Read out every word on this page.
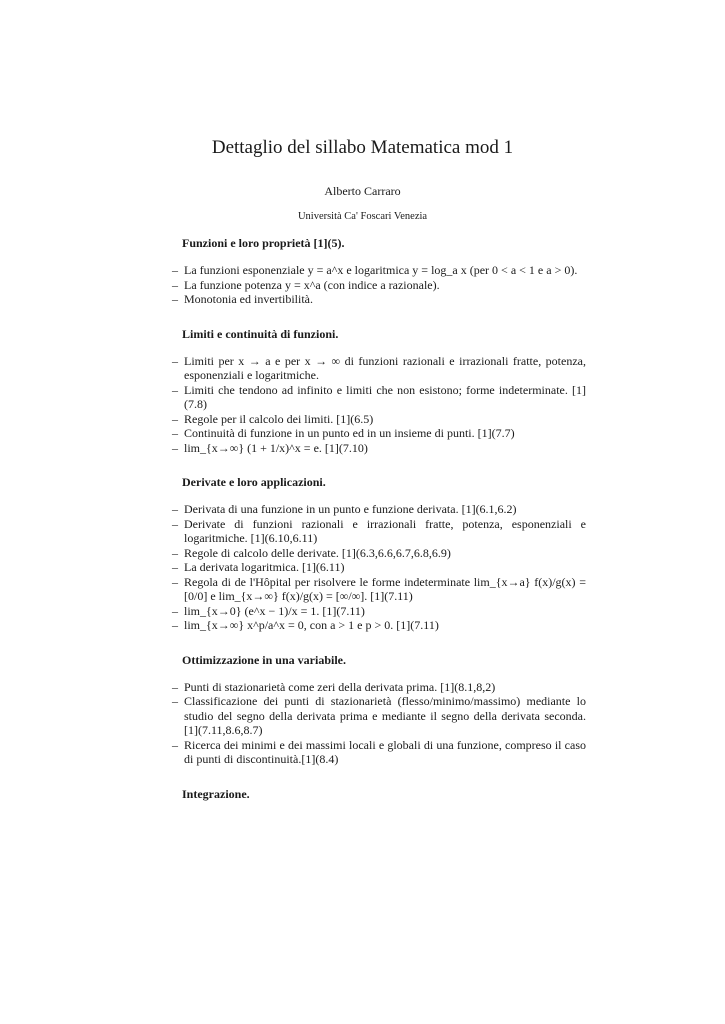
Dettaglio del sillabo Matematica mod 1
Alberto Carraro
Università Ca' Foscari Venezia
Funzioni e loro proprietà [1](5).
– La funzioni esponenziale y = a^x e logaritmica y = log_a x (per 0 < a < 1 e a > 0).
– La funzione potenza y = x^a (con indice a razionale).
– Monotonia ed invertibilità.
Limiti e continuità di funzioni.
– Limiti per x → a e per x → ∞ di funzioni razionali e irrazionali fratte, potenza, esponenziali e logaritmiche.
– Limiti che tendono ad infinito e limiti che non esistono; forme indeterminate. [1](7.8)
– Regole per il calcolo dei limiti. [1](6.5)
– Continuità di funzione in un punto ed in un insieme di punti. [1](7.7)
– lim_{x→∞} (1 + 1/x)^x = e. [1](7.10)
Derivate e loro applicazioni.
– Derivata di una funzione in un punto e funzione derivata. [1](6.1,6.2)
– Derivate di funzioni razionali e irrazionali fratte, potenza, esponenziali e logaritmiche. [1](6.10,6.11)
– Regole di calcolo delle derivate. [1](6.3,6.6,6.7,6.8,6.9)
– La derivata logaritmica. [1](6.11)
– Regola di de l'Hôpital per risolvere le forme indeterminate lim_{x→a} f(x)/g(x) = [0/0] e lim_{x→∞} f(x)/g(x) = [∞/∞]. [1](7.11)
– lim_{x→0} (e^x − 1)/x = 1. [1](7.11)
– lim_{x→∞} x^p/a^x = 0, con a > 1 e p > 0. [1](7.11)
Ottimizzazione in una variabile.
– Punti di stazionarietà come zeri della derivata prima. [1](8.1,8,2)
– Classificazione dei punti di stazionarietà (flesso/minimo/massimo) mediante lo studio del segno della derivata prima e mediante il segno della derivata seconda. [1](7.11,8.6,8.7)
– Ricerca dei minimi e dei massimi locali e globali di una funzione, compreso il caso di punti di discontinuità.[1](8.4)
Integrazione.
